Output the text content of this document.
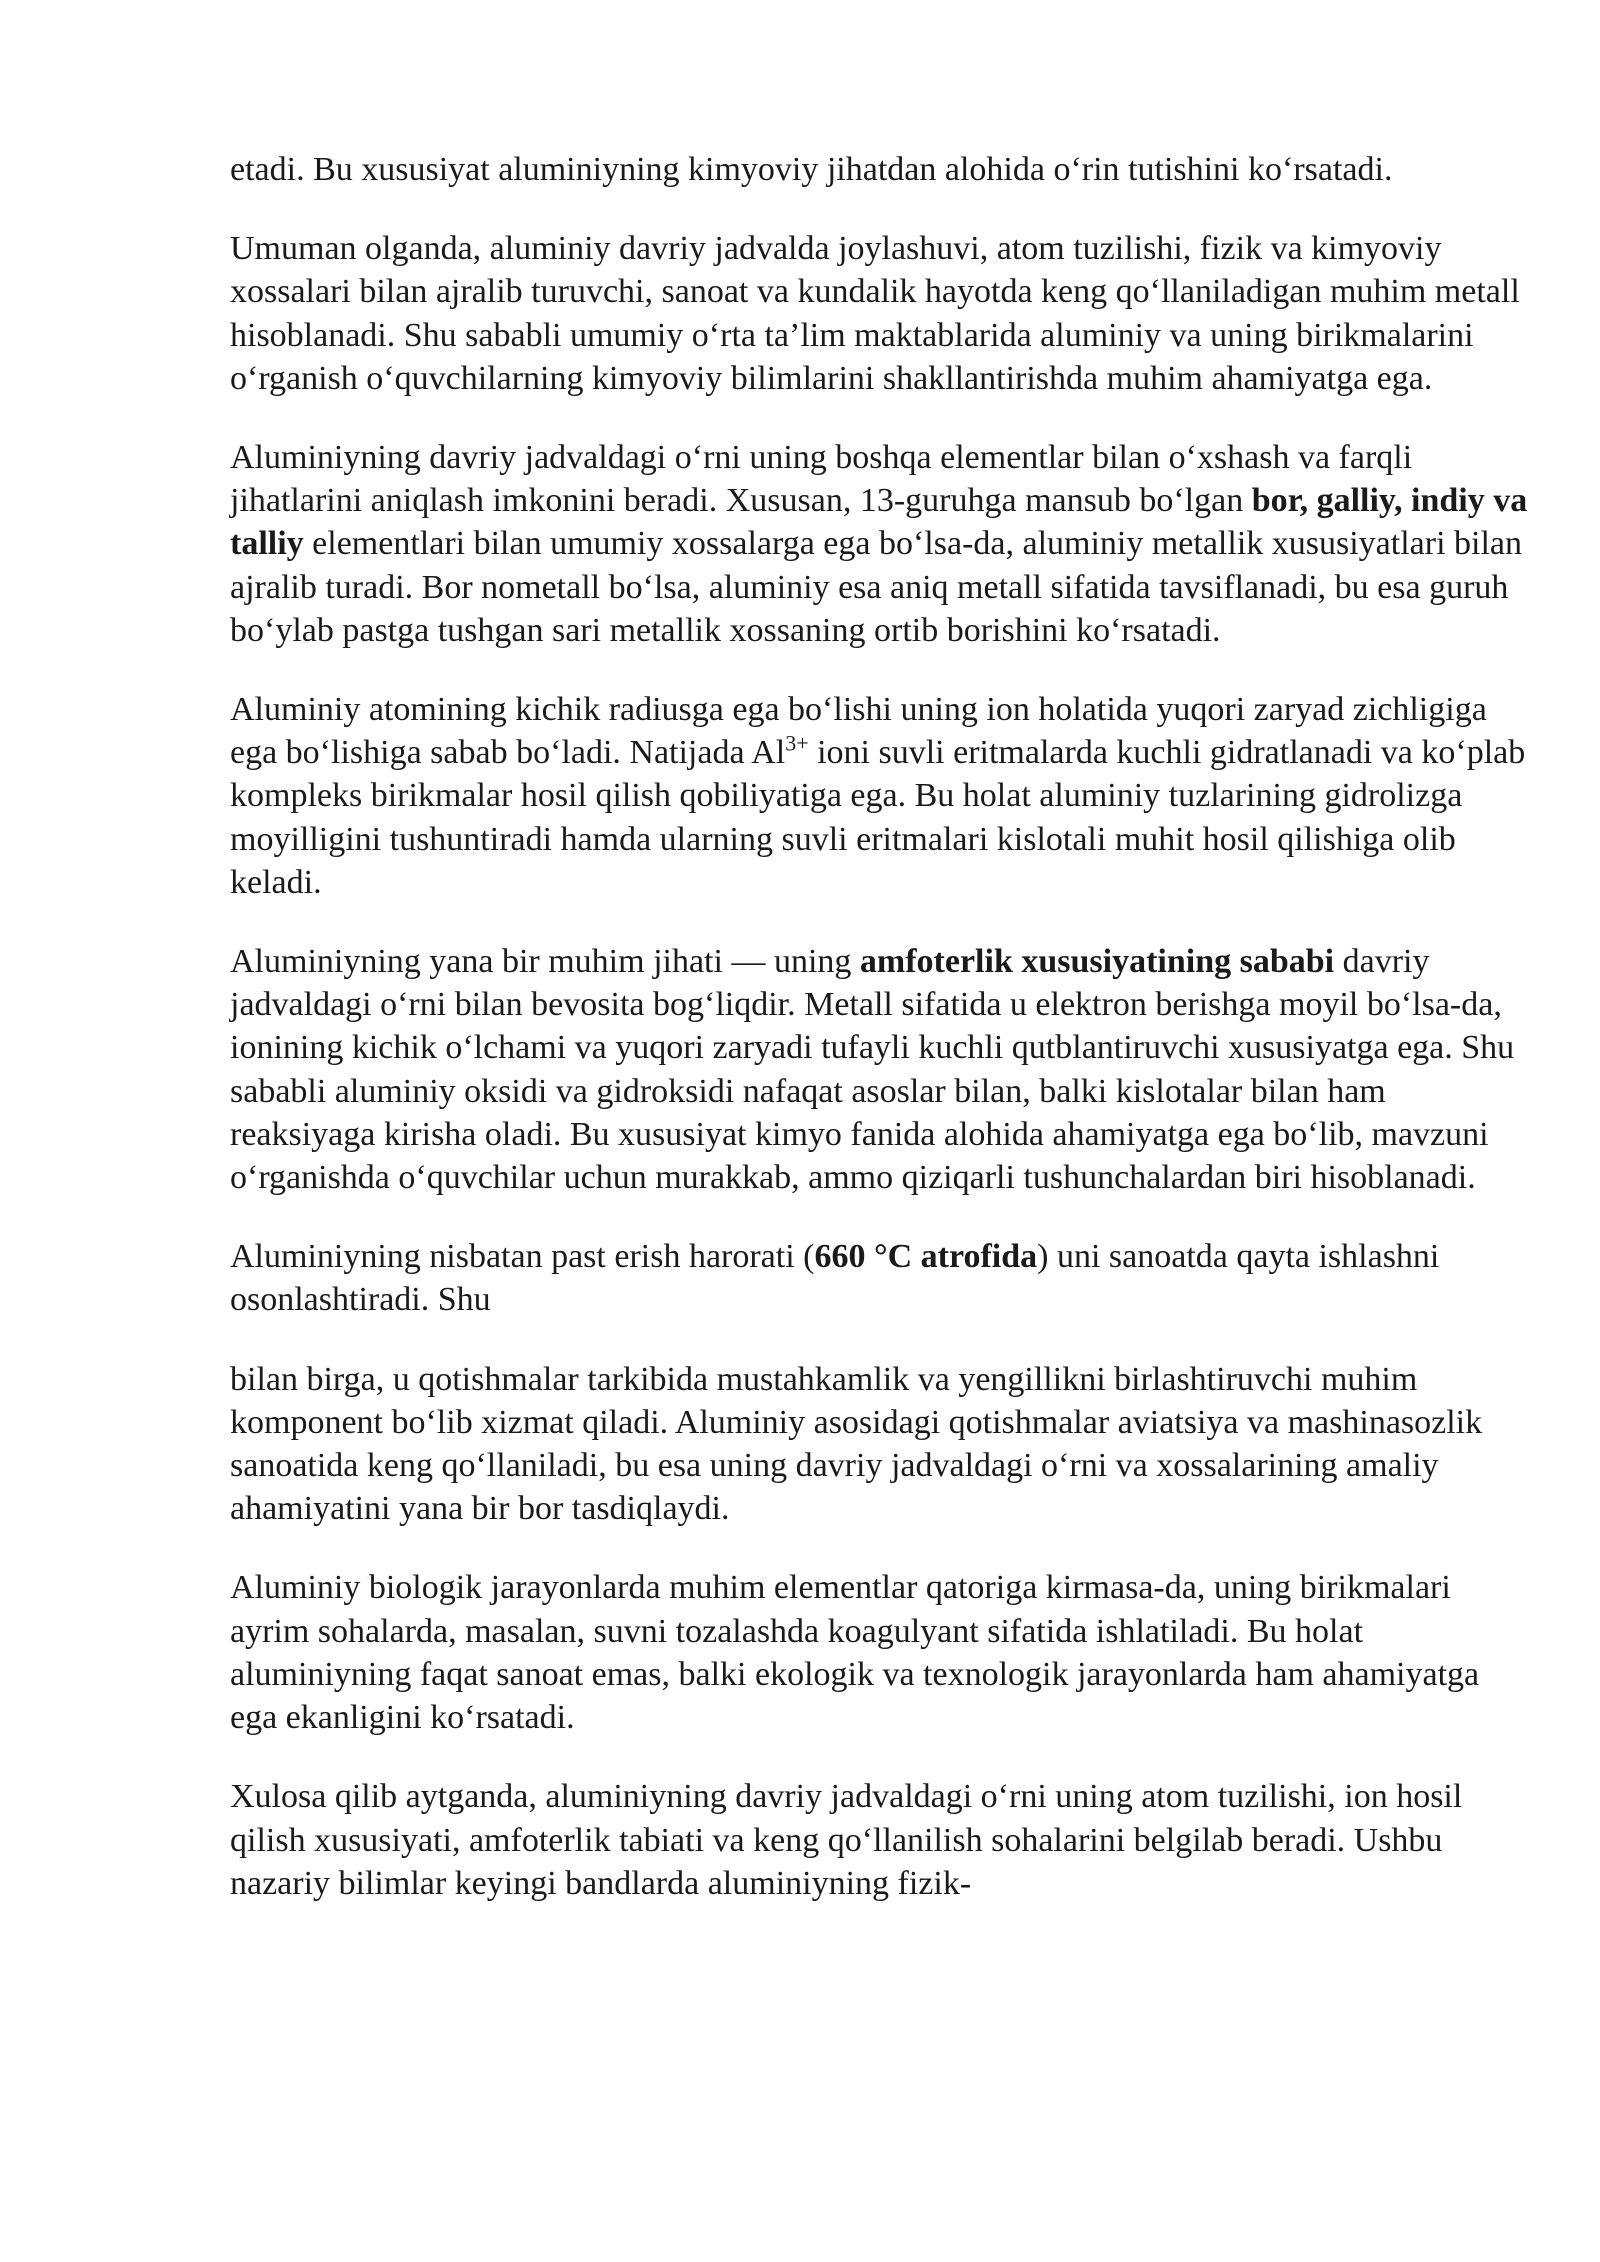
etadi. Bu xususiyat aluminiyning kimyoviy jihatdan alohida o‘rin tutishini ko‘rsatadi.

Umuman olganda, aluminiy davriy jadvalda joylashuvi, atom tuzilishi, fizik va kimyoviy xossalari bilan ajralib turuvchi, sanoat va kundalik hayotda keng qo‘llaniladigan muhim metall hisoblanadi. Shu sababli umumiy o‘rta ta’lim maktablarida aluminiy va uning birikmalarini o‘rganish o‘quvchilarning kimyoviy bilimlarini shakllantirishda muhim ahamiyatga ega.

Aluminiyning davriy jadvaldagi o‘rni uning boshqa elementlar bilan o‘xshash va farqli jihatlarini aniqlash imkonini beradi. Xususan, 13-guruhga mansub bo‘lgan bor, galliy, indiy va talliy elementlari bilan umumiy xossalarga ega bo‘lsa-da, aluminiy metallik xususiyatlari bilan ajralib turadi. Bor nometall bo‘lsa, aluminiy esa aniq metall sifatida tavsiflanadi, bu esa guruh bo‘ylab pastga tushgan sari metallik xossaning ortib borishini ko‘rsatadi.

Aluminiy atomining kichik radiusga ega bo‘lishi uning ion holatida yuqori zaryad zichligiga ega bo‘lishiga sabab bo‘ladi. Natijada $Al^{3+}$ ioni suvli eritmalarda kuchli gidratlanadi va ko‘plab kompleks birikmalar hosil qilish qobiliyatiga ega. Bu holat aluminiy tuzlarining gidrolizga moyilligini tushuntiradi hamda ularning suvli eritmalari kislotali muhit hosil qilishiga olib keladi.

Aluminiyning yana bir muhim jihati — uning amfoterlik xususiyatining sababi davriy jadvaldagi o‘rni bilan bevosita bog‘liqdir. Metall sifatida u elektron berishga moyil bo‘lsa-da, ionining kichik o‘lchami va yuqori zaryadi tufayli kuchli qutblantiruvchi xususiyatga ega. Shu sababli aluminiy oksidi va gidroksidi nafaqat asoslar bilan, balki kislotalar bilan ham reaksiyaga kirisha oladi. Bu xususiyat kimyo fanida alohida ahamiyatga ega bo‘lib, mavzuni o‘rganishda o‘quvchilar uchun murakkab, ammo qiziqarli tushunchalardan biri hisoblanadi.

Aluminiyning nisbatan past erish harorati (660 °C atrofida) uni sanoatda qayta ishlashni osonlashtiradi. Shu

bilan birga, u qotishmalar tarkibida mustahkamlik va yengillikni birlashtiruvchi muhim komponent bo‘lib xizmat qiladi. Aluminiy asosidagi qotishmalar aviatsiya va mashinasozlik sanoatida keng qo‘llaniladi, bu esa uning davriy jadvaldagi o‘rni va xossalarining amaliy ahamiyatini yana bir bor tasdiqlaydi.

Aluminiy biologik jarayonlarda muhim elementlar qatoriga kirmasa-da, uning birikmalari ayrim sohalarda, masalan, suvni tozalashda koagulyant sifatida ishlatiladi. Bu holat aluminiyning faqat sanoat emas, balki ekologik va texnologik jarayonlarda ham ahamiyatga ega ekanligini ko‘rsatadi.

Xulosa qilib aytganda, aluminiyning davriy jadvaldagi o‘rni uning atom tuzilishi, ion hosil qilish xususiyati, amfoterlik tabiati va keng qo‘llanilish sohalarini belgilab beradi. Ushbu nazariy bilimlar keyingi bandlarda aluminiyning fizik-
